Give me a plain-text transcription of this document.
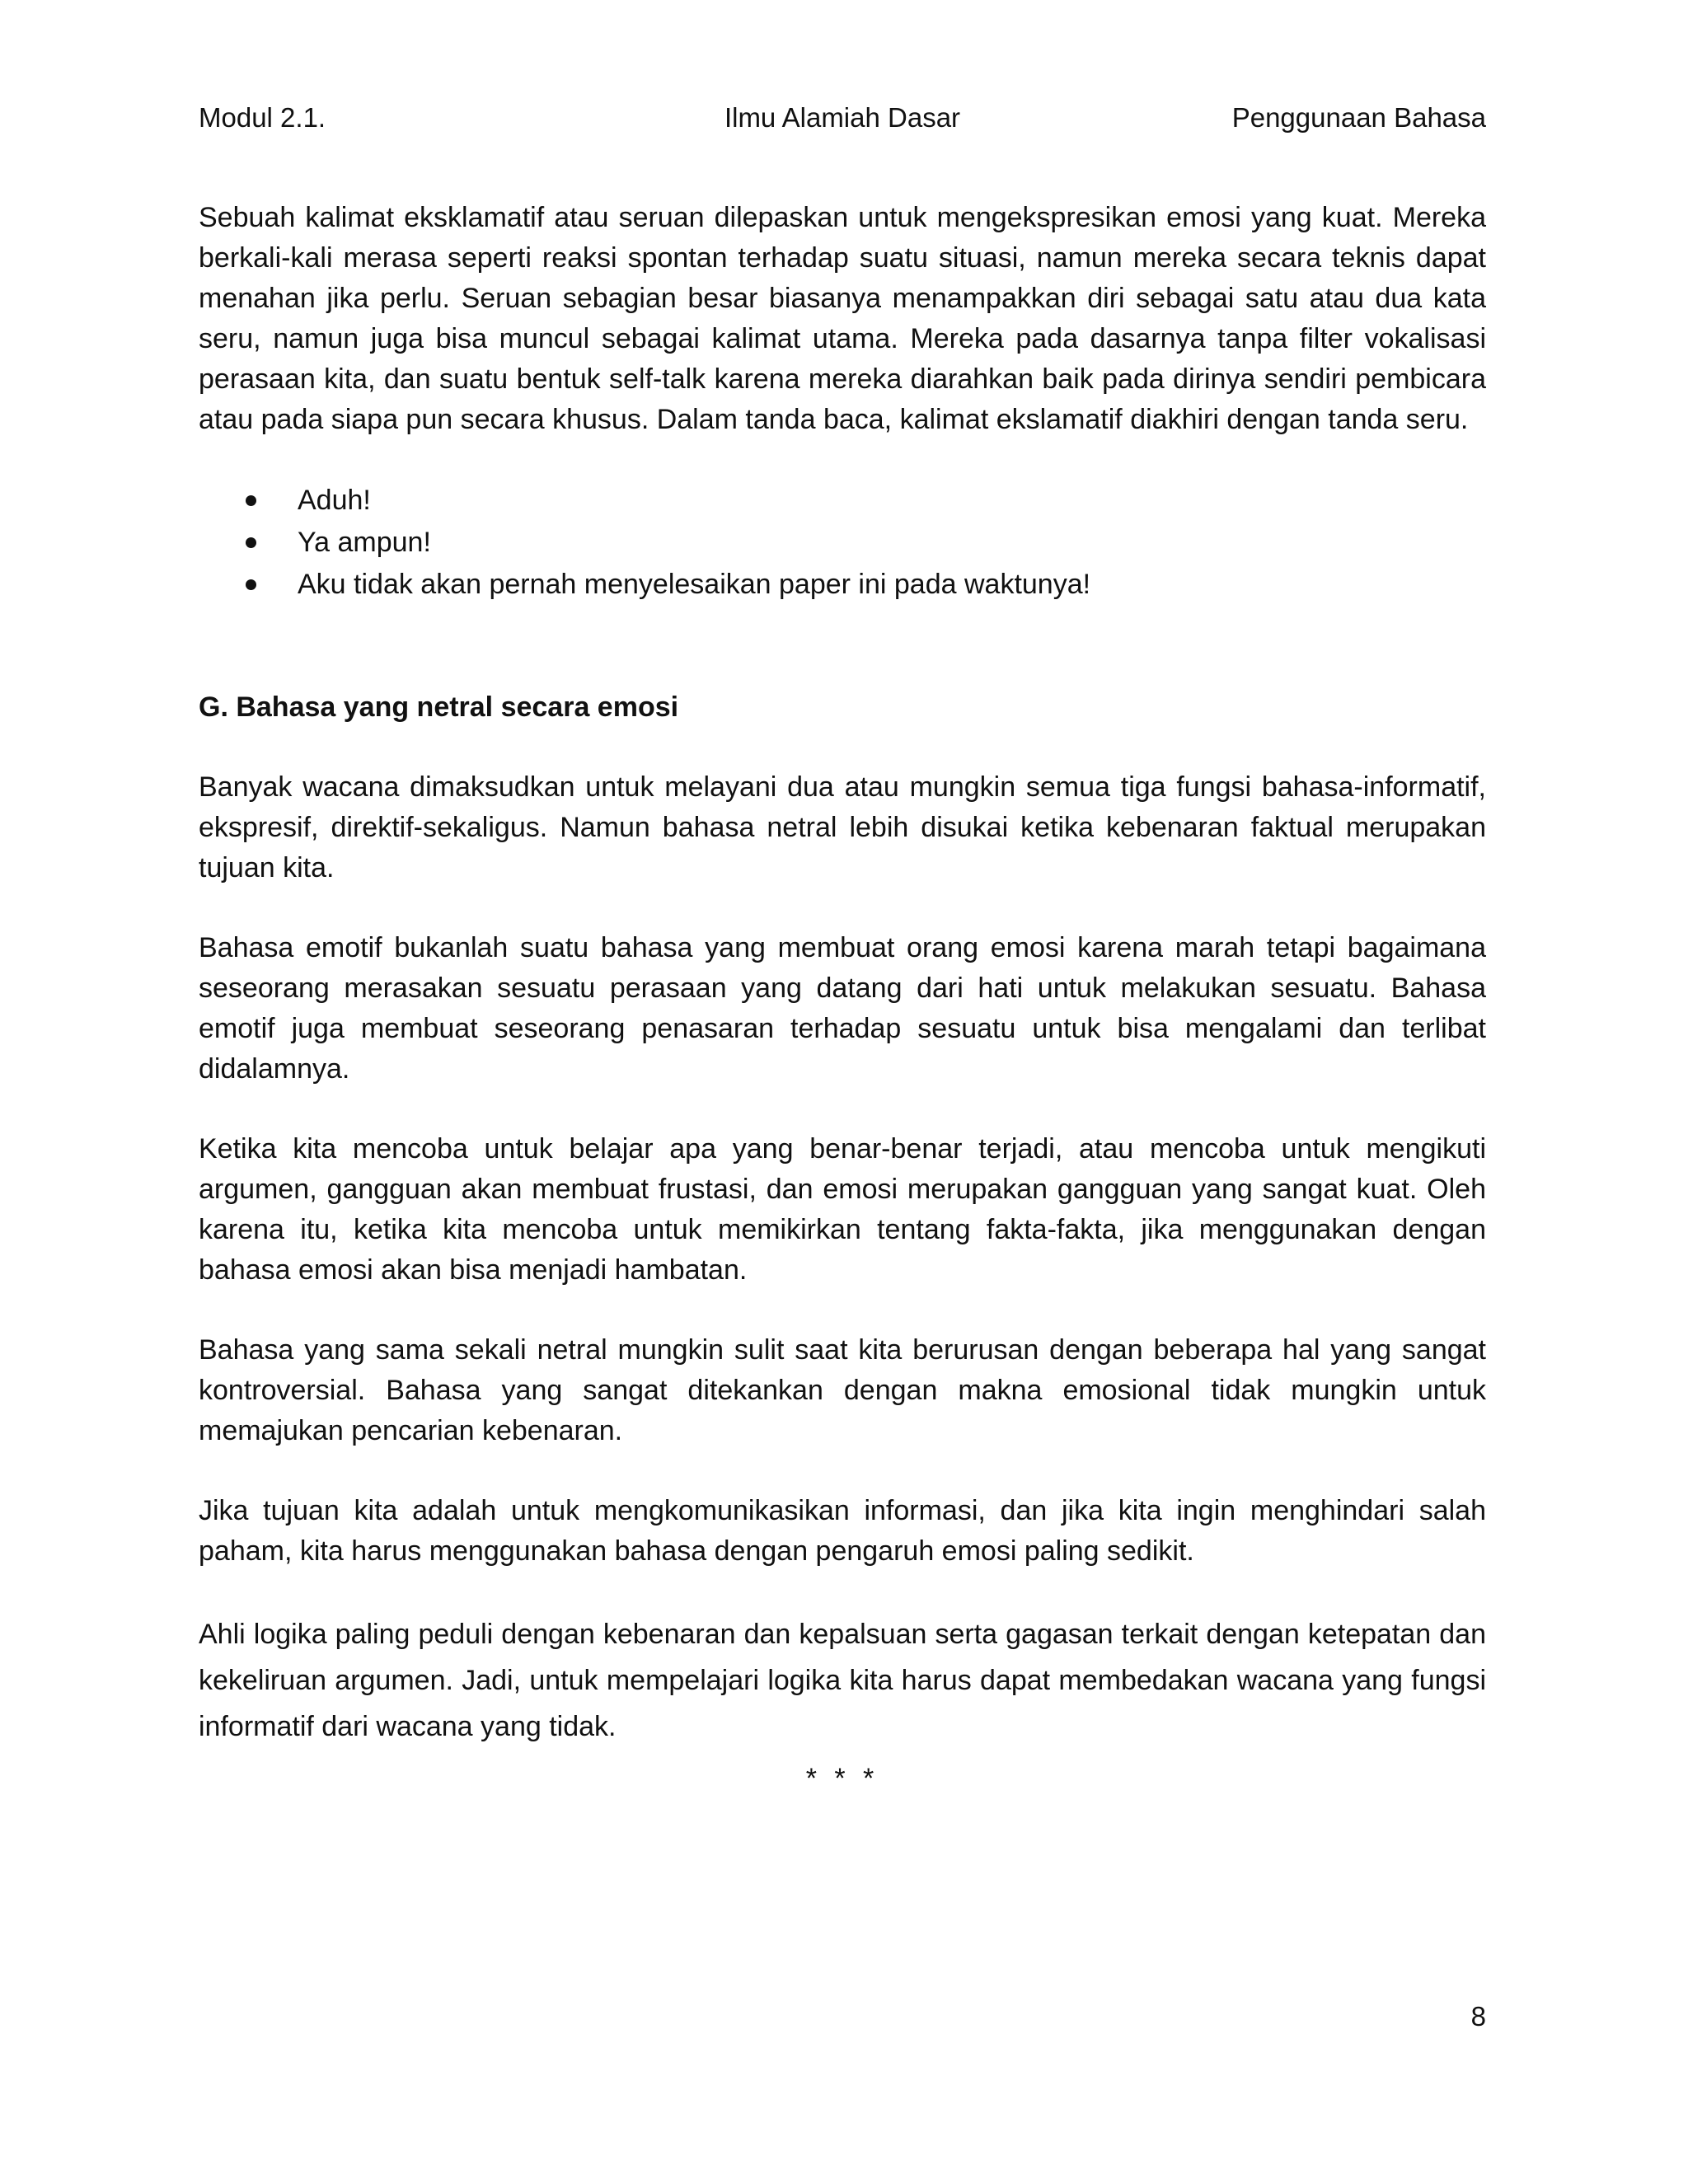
Modul 2.1.	Ilmu Alamiah Dasar	Penggunaan Bahasa

Sebuah kalimat eksklamatif atau seruan dilepaskan untuk mengekspresikan emosi yang kuat. Mereka berkali-kali merasa seperti reaksi spontan terhadap suatu situasi, namun mereka secara teknis dapat menahan jika perlu. Seruan sebagian besar biasanya menampakkan diri sebagai satu atau dua kata seru, namun juga bisa muncul sebagai kalimat utama. Mereka pada dasarnya tanpa filter vokalisasi perasaan kita, dan suatu bentuk self-talk karena mereka diarahkan baik pada dirinya sendiri pembicara atau pada siapa pun secara khusus. Dalam tanda baca, kalimat ekslamatif diakhiri dengan tanda seru.

Aduh!
Ya ampun!
Aku tidak akan pernah menyelesaikan paper ini pada waktunya!

G. Bahasa yang netral secara emosi

Banyak wacana dimaksudkan untuk melayani dua atau mungkin semua tiga fungsi bahasa-informatif, ekspresif, direktif-sekaligus. Namun bahasa netral lebih disukai ketika kebenaran faktual merupakan tujuan kita.

Bahasa emotif bukanlah suatu bahasa yang membuat orang emosi karena marah tetapi bagaimana seseorang merasakan sesuatu perasaan yang datang dari hati untuk melakukan sesuatu. Bahasa emotif juga membuat seseorang penasaran terhadap sesuatu untuk bisa mengalami dan terlibat didalamnya.

Ketika kita mencoba untuk belajar apa yang benar-benar terjadi, atau mencoba untuk mengikuti argumen, gangguan akan membuat frustasi, dan emosi merupakan gangguan yang sangat kuat. Oleh karena itu, ketika kita mencoba untuk memikirkan tentang fakta-fakta, jika menggunakan dengan bahasa emosi akan bisa menjadi hambatan.

Bahasa yang sama sekali netral mungkin sulit saat kita berurusan dengan beberapa hal yang sangat kontroversial. Bahasa yang sangat ditekankan dengan makna emosional tidak mungkin untuk memajukan pencarian kebenaran.

Jika tujuan kita adalah untuk mengkomunikasikan informasi, dan jika kita ingin menghindari salah paham, kita harus menggunakan bahasa dengan pengaruh emosi paling sedikit.

Ahli logika paling peduli dengan kebenaran dan kepalsuan serta gagasan terkait dengan ketepatan dan kekeliruan argumen. Jadi, untuk mempelajari logika kita harus dapat membedakan wacana yang fungsi informatif dari wacana yang tidak.

* * *

8
